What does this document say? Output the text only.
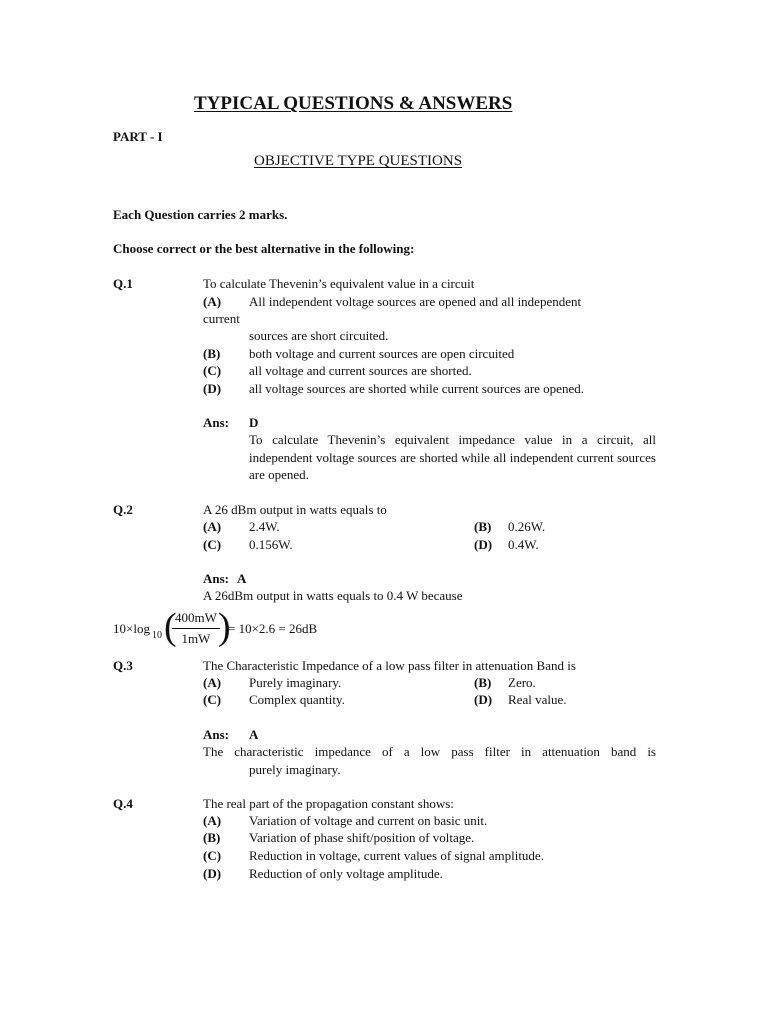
TYPICAL QUESTIONS & ANSWERS
PART - I
OBJECTIVE TYPE QUESTIONS
Each Question carries 2 marks.
Choose correct or the best alternative in the following:
Q.1	To calculate Thevenin’s equivalent value in a circuit
(A) All independent voltage sources are opened and all independent
current
sources are short circuited.
(B) both voltage and current sources are open circuited
(C) all voltage and current sources are shorted.
(D) all voltage sources are shorted while current sources are opened.
Ans: D
To calculate Thevenin’s equivalent impedance value in a circuit, all independent voltage sources are shorted while all independent current sources are opened.
Q.2	A 26 dBm output in watts equals to
(A) 2.4W.	(B) 0.26W.
(C) 0.156W.	(D) 0.4W.
Ans: A
A 26dBm output in watts equals to 0.4 W because
10×log 10 (
400mW
1mW )
= 10×2.6 = 26dB
Q.3	The Characteristic Impedance of a low pass filter in attenuation Band is
(A) Purely imaginary.	(B) Zero.
(C) Complex quantity.	(D) Real value.
Ans: A
The characteristic impedance of a low pass filter in attenuation band is
purely imaginary.
Q.4	The real part of the propagation constant shows:
(A) Variation of voltage and current on basic unit.
(B) Variation of phase shift/position of voltage.
(C) Reduction in voltage, current values of signal amplitude.
(D) Reduction of only voltage amplitude.
